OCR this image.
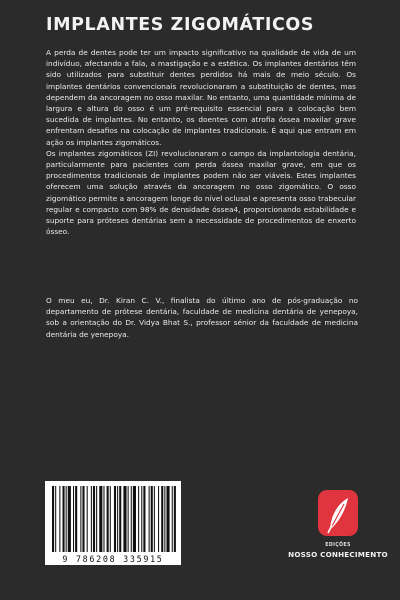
IMPLANTES ZIGOMÁTICOS

A perda de dentes pode ter um impacto significativo na qualidade de vida de um indivíduo, afectando a fala, a mastigação e a estética. Os implantes dentários têm sido utilizados para substituir dentes perdidos há mais de meio século. Os implantes dentários convencionais revolucionaram a substituição de dentes, mas dependem da ancoragem no osso maxilar. No entanto, uma quantidade mínima de largura e altura do osso é um pré-requisito essencial para a colocação bem sucedida de implantes. No entanto, os doentes com atrofia óssea maxilar grave enfrentam desafios na colocação de implantes tradicionais. É aqui que entram em ação os implantes zigomáticos.

Os implantes zigomáticos (ZI) revolucionaram o campo da implantologia dentária, particularmente para pacientes com perda óssea maxilar grave, em que os procedimentos tradicionais de implantes podem não ser viáveis. Estes implantes oferecem uma solução através da ancoragem no osso zigomático. O osso zigomático permite a ancoragem longe do nível oclusal e apresenta osso trabecular regular e compacto com 98% de densidade óssea4, proporcionando estabilidade e suporte para próteses dentárias sem a necessidade de procedimentos de enxerto ósseo.

O meu eu, Dr. Kiran C. V., finalista do último ano de pós-graduação no departamento de prótese dentária, faculdade de medicina dentária de yenepoya, sob a orientação do Dr. Vidya Bhat S., professor sénior da faculdade de medicina dentária de yenepoya.

9 786208 335915
EDIÇÕES
NOSSO CONHECIMENTO
